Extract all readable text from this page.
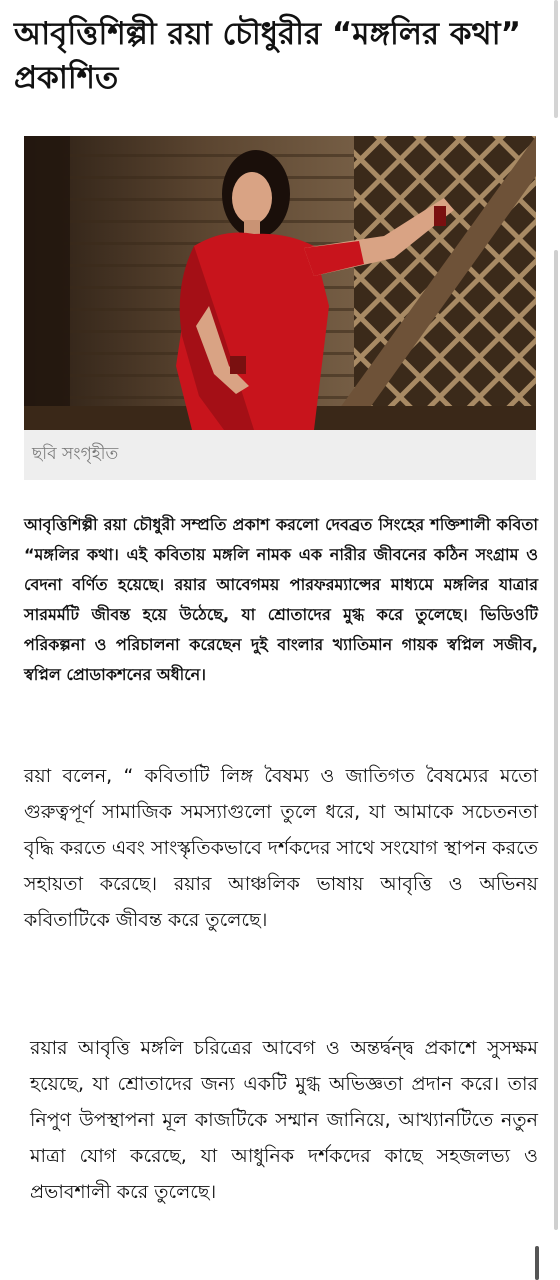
আবৃত্তিশিল্পী রয়া চৌধুরীর “মঙ্গলির কথা” প্রকাশিত
ছবি সংগৃহীত

আবৃত্তিশিল্পী রয়া চৌধুরী সম্প্রতি প্রকাশ করলো দেবব্রত সিংহের শক্তিশালী কবিতা “মঙ্গলির কথা। এই কবিতায় মঙ্গলি নামক এক নারীর জীবনের কঠিন সংগ্রাম ও বেদনা বর্ণিত হয়েছে। রয়ার আবেগময় পারফরম্যান্সের মাধ্যমে মঙ্গলির যাত্রার সারমর্মটি জীবন্ত হয়ে উঠেছে, যা শ্রোতাদের মুগ্ধ করে তুলেছে। ভিডিওটি পরিকল্পনা ও পরিচালনা করেছেন দুই বাংলার খ্যাতিমান গায়ক স্বপ্নিল সজীব, স্বপ্নিল প্রোডাকশনের অধীনে।

রয়া বলেন, “ কবিতাটি লিঙ্গ বৈষম্য ও জাতিগত বৈষম্যের মতো গুরুত্বপূর্ণ সামাজিক সমস্যাগুলো তুলে ধরে, যা আমাকে সচেতনতা বৃদ্ধি করতে এবং সাংস্কৃতিকভাবে দর্শকদের সাথে সংযোগ স্থাপন করতে সহায়তা করেছে। রয়ার আঞ্চলিক ভাষায় আবৃত্তি ও অভিনয় কবিতাটিকে জীবন্ত করে তুলেছে।

রয়ার আবৃত্তি মঙ্গলি চরিত্রের আবেগ ও অন্তর্দ্বন্দ্ব প্রকাশে সুসক্ষম হয়েছে, যা শ্রোতাদের জন্য একটি মুগ্ধ অভিজ্ঞতা প্রদান করে। তার নিপুণ উপস্থাপনা মূল কাজটিকে সম্মান জানিয়ে, আখ্যানটিতে নতুন মাত্রা যোগ করেছে, যা আধুনিক দর্শকদের কাছে সহজলভ্য ও প্রভাবশালী করে তুলেছে।
